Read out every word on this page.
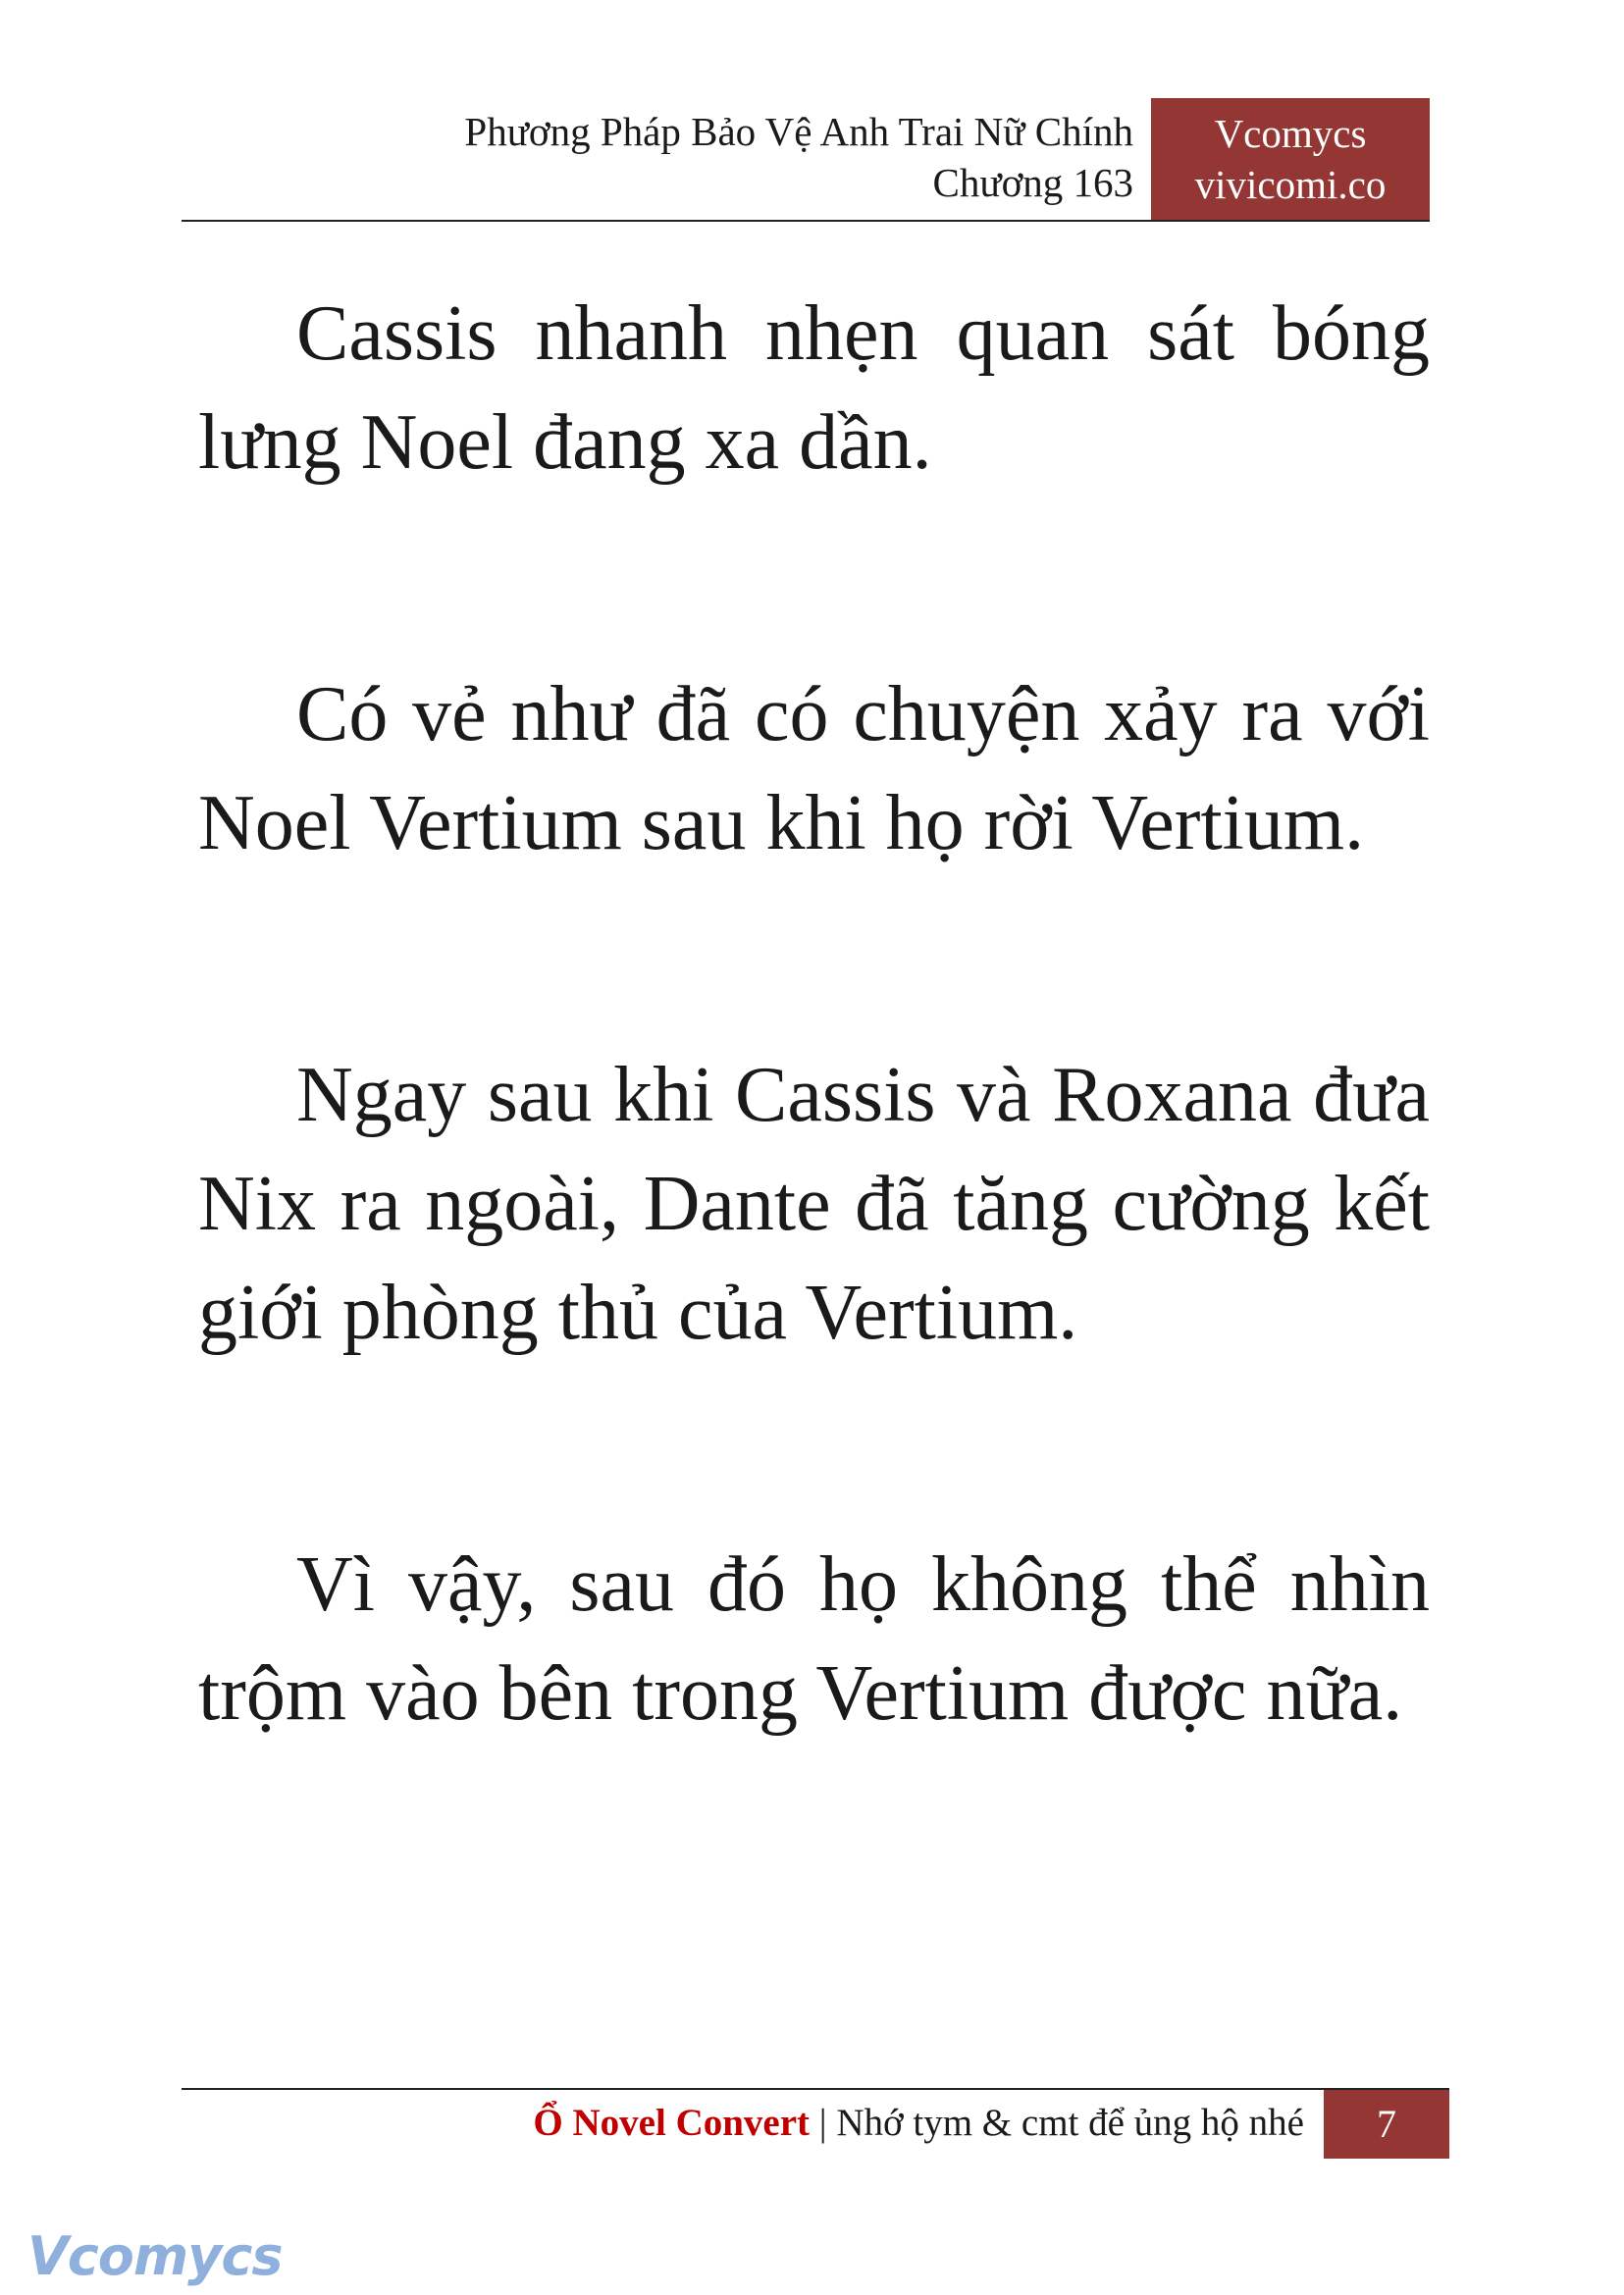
Phương Pháp Bảo Vệ Anh Trai Nữ Chính
Chương 163
Vcomycs
vivicomi.co

Cassis nhanh nhẹn quan sát bóng lưng Noel đang xa dần.

Có vẻ như đã có chuyện xảy ra với Noel Vertium sau khi họ rời Vertium.

Ngay sau khi Cassis và Roxana đưa Nix ra ngoài, Dante đã tăng cường kết giới phòng thủ của Vertium.

Vì vậy, sau đó họ không thể nhìn trộm vào bên trong Vertium được nữa.

Ổ Novel Convert | Nhớ tym & cmt để ủng hộ nhé	7
Vcomycs
